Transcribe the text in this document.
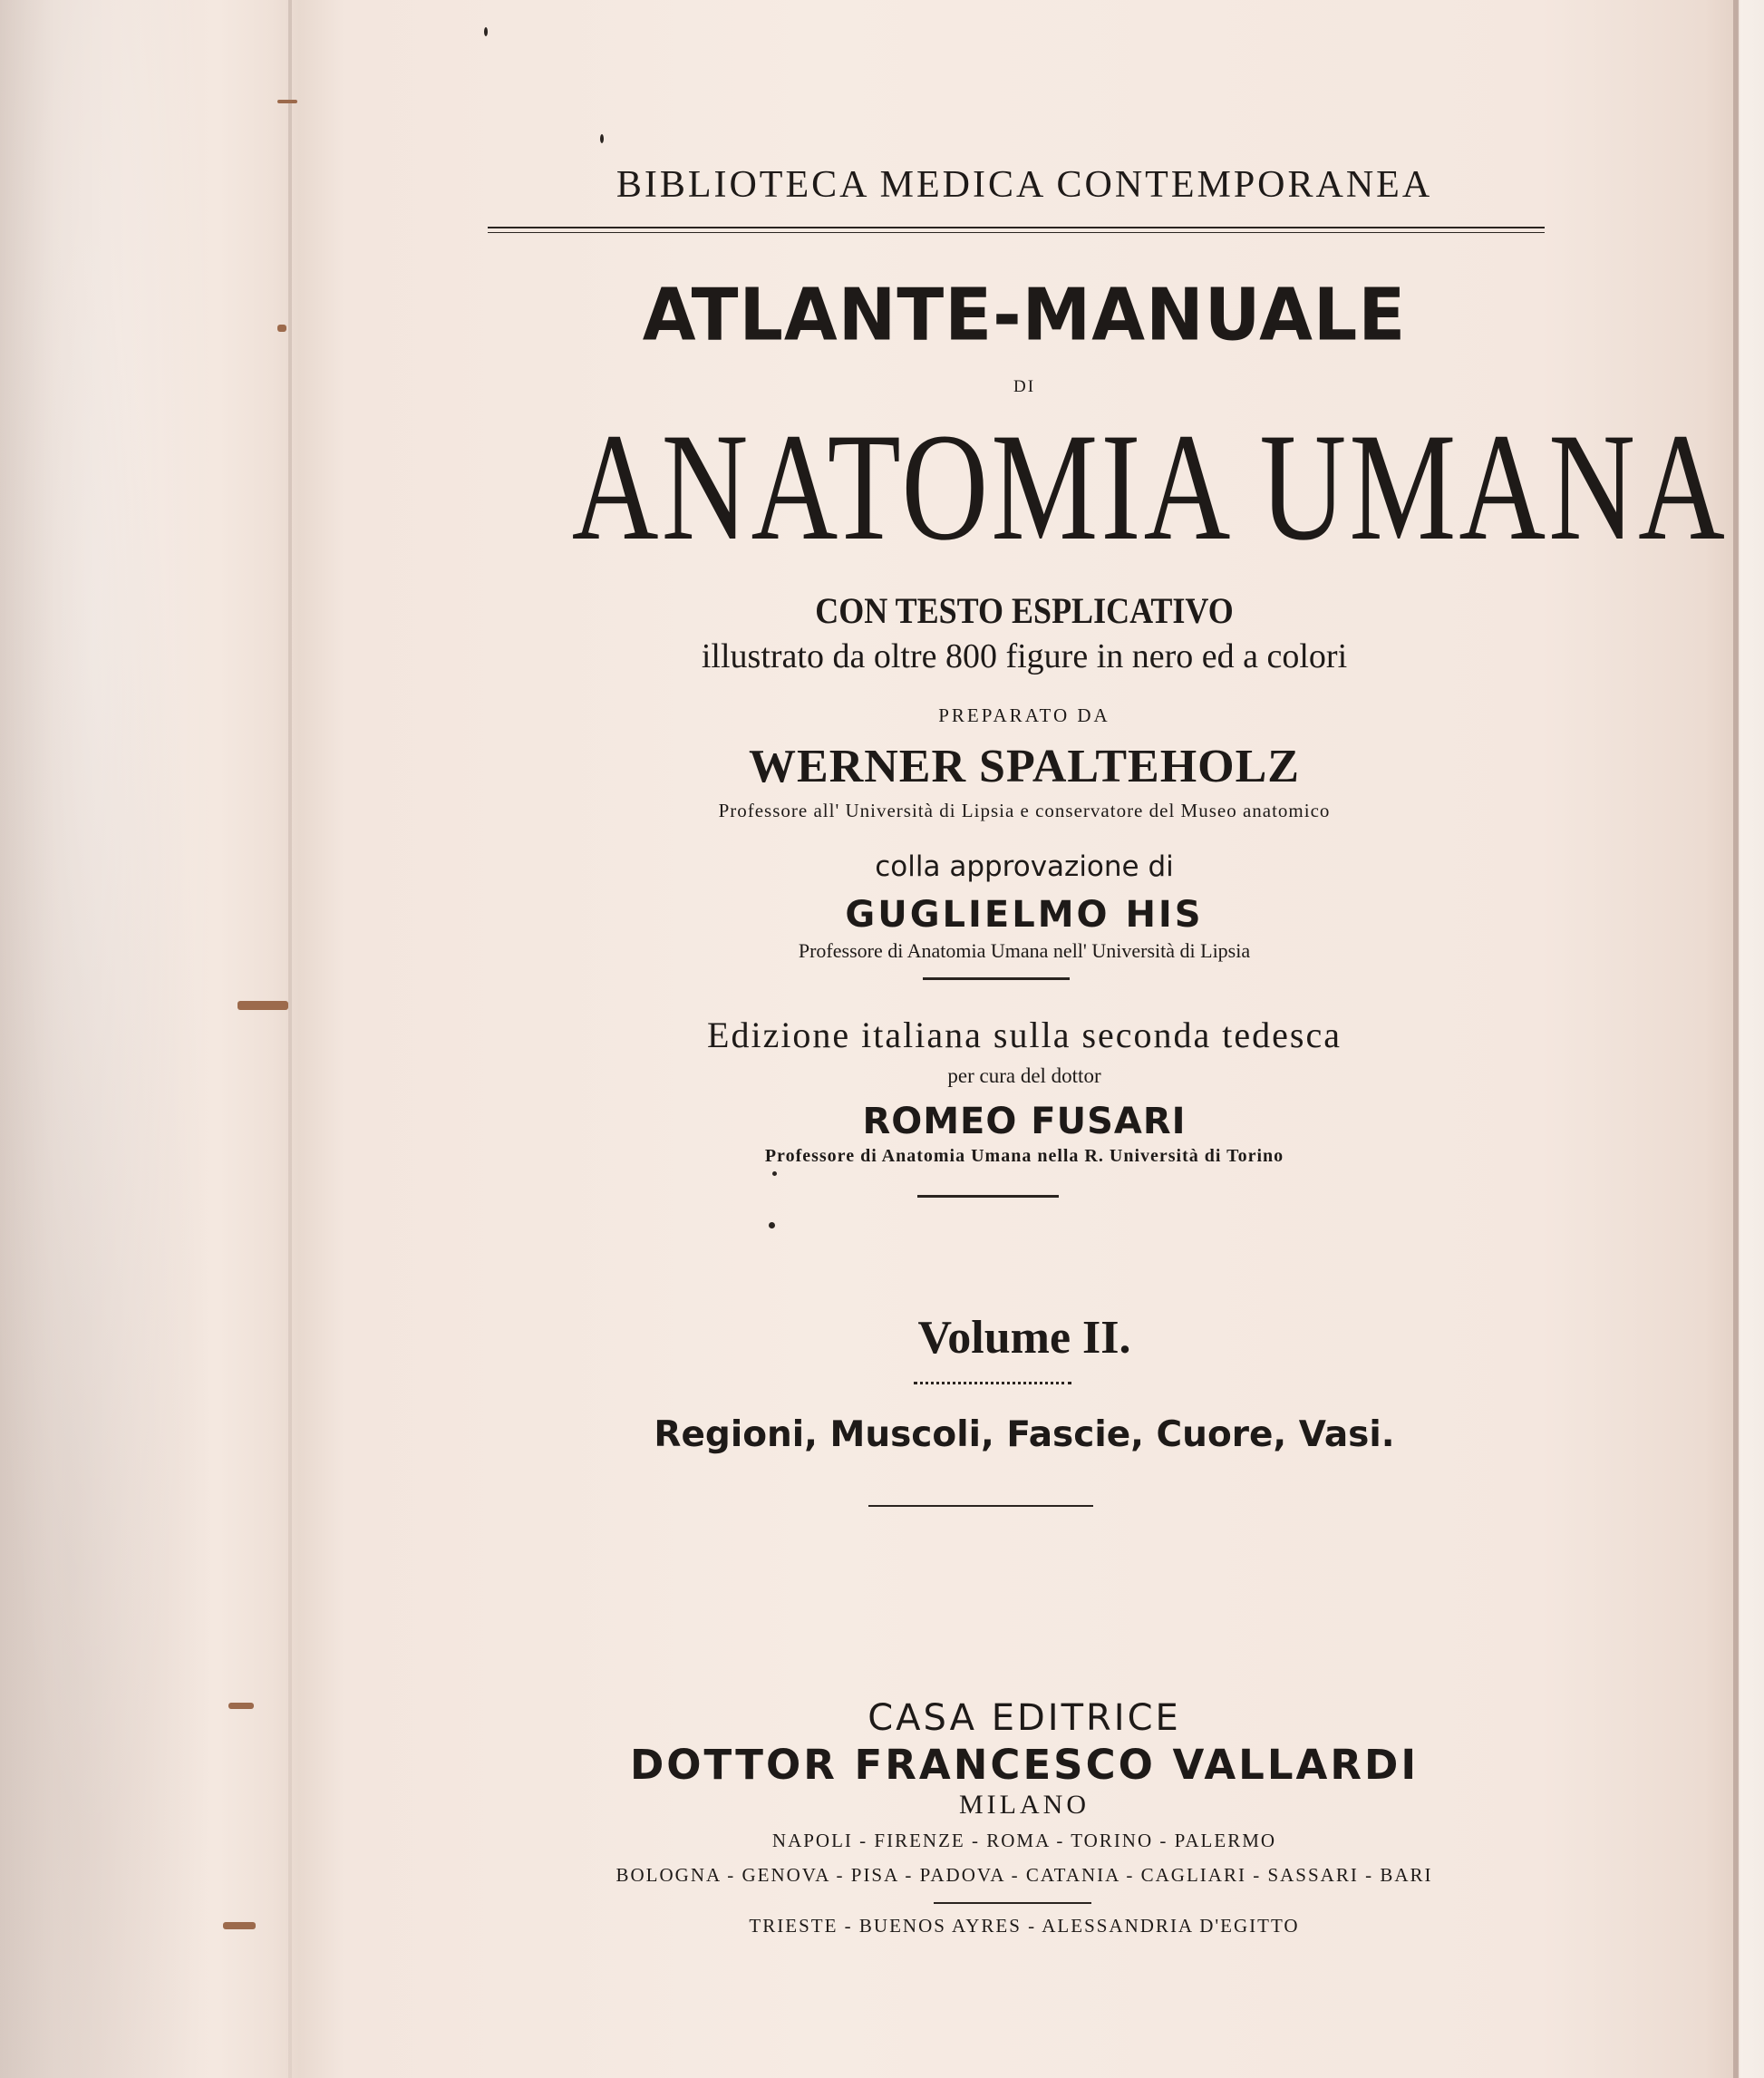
BIBLIOTECA MEDICA CONTEMPORANEA
ATLANTE-MANUALE
DI
ANATOMIA UMANA
CON TESTO ESPLICATIVO
illustrato da oltre 800 figure in nero ed a colori
PREPARATO DA
WERNER SPALTEHOLZ
Professore all' Università di Lipsia e conservatore del Museo anatomico
colla approvazione di
GUGLIELMO HIS
Professore di Anatomia Umana nell' Università di Lipsia
Edizione italiana sulla seconda tedesca
per cura del dottor
ROMEO FUSARI
Professore di Anatomia Umana nella R. Università di Torino
Volume II.
Regioni, Muscoli, Fascie, Cuore, Vasi.
CASA EDITRICE
DOTTOR FRANCESCO VALLARDI
MILANO
NAPOLI - FIRENZE - ROMA - TORINO - PALERMO
BOLOGNA - GENOVA - PISA - PADOVA - CATANIA - CAGLIARI - SASSARI - BARI
TRIESTE - BUENOS AYRES - ALESSANDRIA D'EGITTO
